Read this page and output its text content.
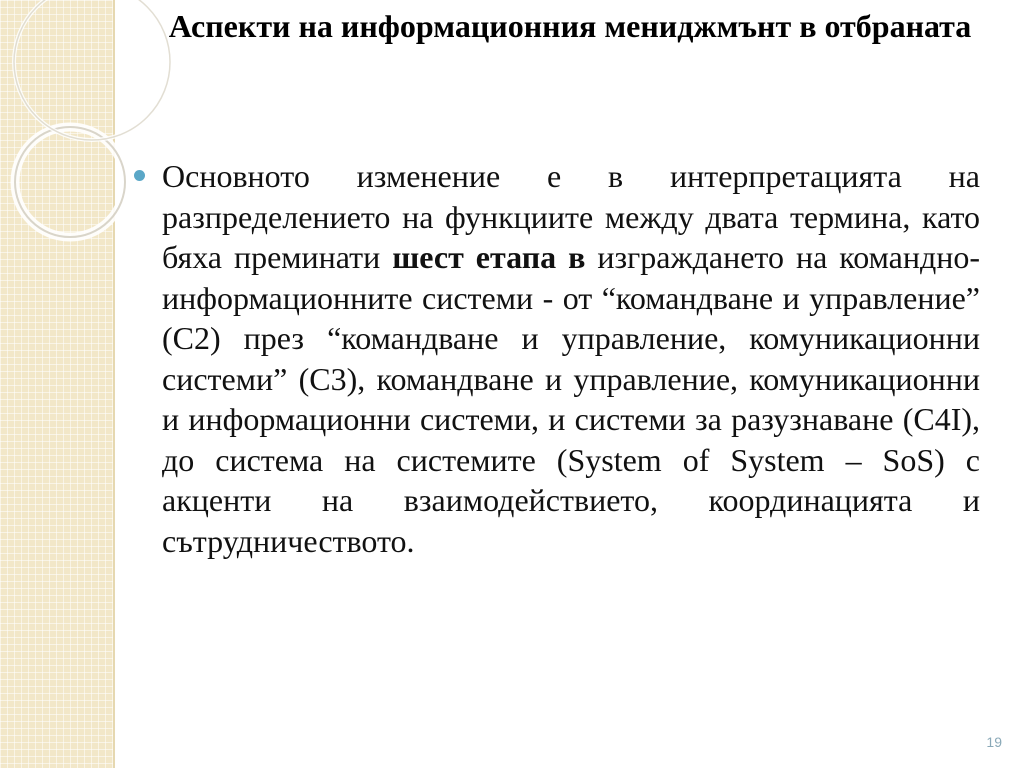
Аспекти на информационния мениджмънт в отбраната

Основното изменение е в интерпретацията на разпределението на функциите между двата термина, като бяха преминати шест етапа в изграждането на командно-информационните системи - от “командване и управление” (C2) през “командване и управление, комуникационни системи” (C3), командване и управление, комуникационни и информационни системи, и системи за разузнаване (C4I), до система на системите (System of System – SoS) с акценти на взаимодействието, координацията и сътрудничеството.

19
